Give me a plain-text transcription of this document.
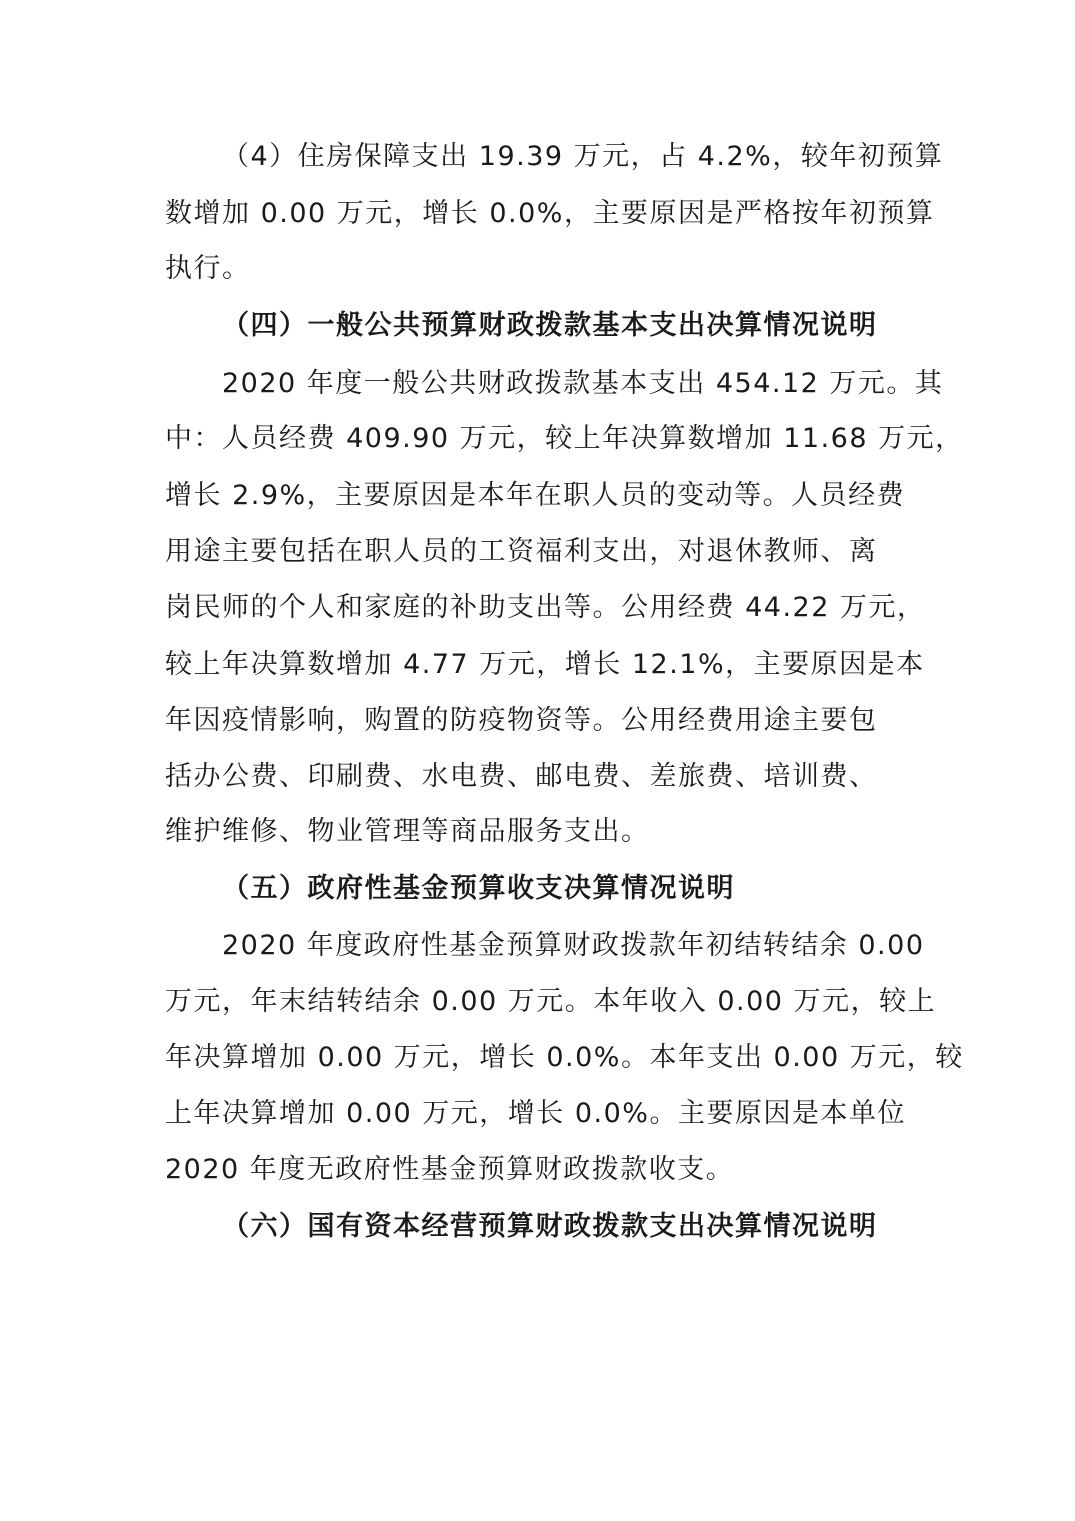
（4）住房保障支出 19.39 万元，占 4.2%，较年初预算
数增加 0.00 万元，增长 0.0%，主要原因是严格按年初预算
执行。
（四）一般公共预算财政拨款基本支出决算情况说明
2020 年度一般公共财政拨款基本支出 454.12 万元。其
中：人员经费 409.90 万元，较上年决算数增加 11.68 万元，
增长 2.9%，主要原因是本年在职人员的变动等。人员经费
用途主要包括在职人员的工资福利支出，对退休教师、离
岗民师的个人和家庭的补助支出等。公用经费 44.22 万元，
较上年决算数增加 4.77 万元，增长 12.1%，主要原因是本
年因疫情影响，购置的防疫物资等。公用经费用途主要包
括办公费、印刷费、水电费、邮电费、差旅费、培训费、
维护维修、物业管理等商品服务支出。
（五）政府性基金预算收支决算情况说明
2020 年度政府性基金预算财政拨款年初结转结余 0.00
万元，年末结转结余 0.00 万元。本年收入 0.00 万元，较上
年决算增加 0.00 万元，增长 0.0%。本年支出 0.00 万元，较
上年决算增加 0.00 万元，增长 0.0%。主要原因是本单位
2020 年度无政府性基金预算财政拨款收支。
（六）国有资本经营预算财政拨款支出决算情况说明
